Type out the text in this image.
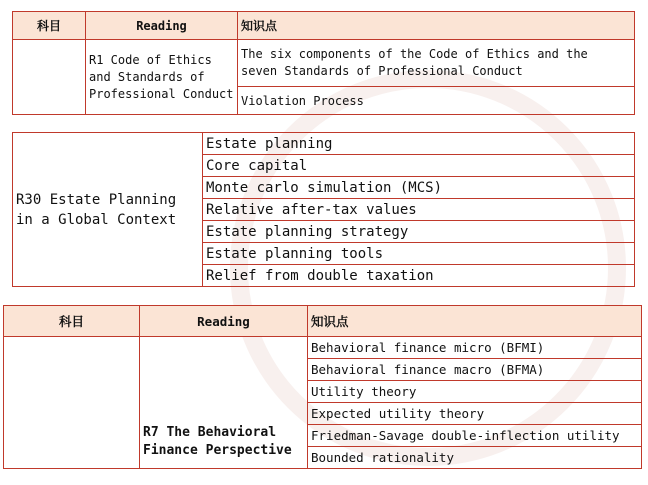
科目	Reading	知识点
	R1 Code of Ethics and Standards of Professional Conduct	The six components of the Code of Ethics and the seven Standards of Professional Conduct
		Violation Process
R30 Estate Planning in a Global Context	Estate planning
Core capital
Monte carlo simulation (MCS)
Relative after-tax values
Estate planning strategy
Estate planning tools
Relief from double taxation
科目	Reading	知识点
	R7 The Behavioral Finance Perspective	Behavioral finance micro (BFMI)
		Behavioral finance macro (BFMA)
		Utility theory
		Expected utility theory
		Friedman-Savage double-inflection utility
		Bounded rationality
